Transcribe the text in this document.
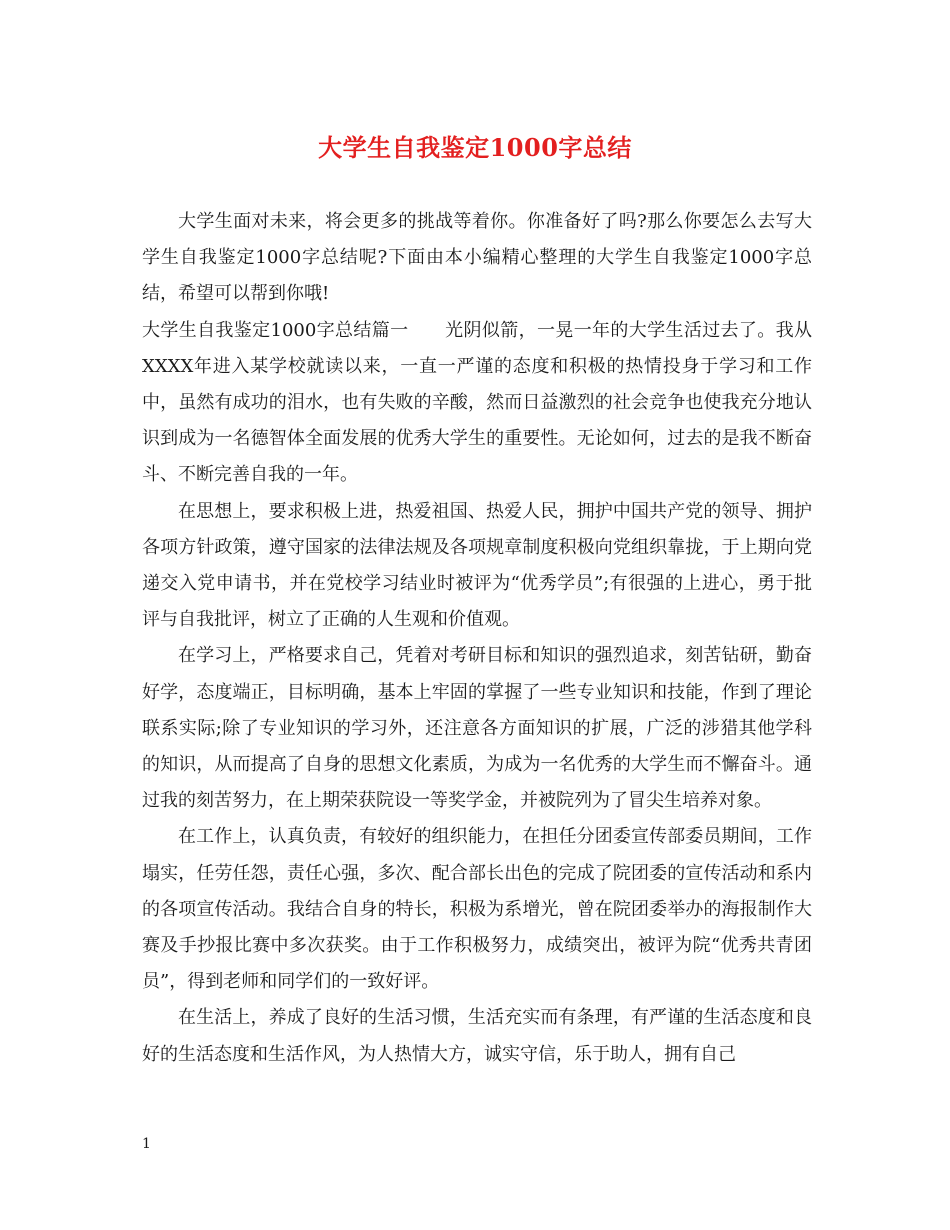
大学生自我鉴定1000字总结

大学生面对未来，将会更多的挑战等着你。你准备好了吗?那么你要怎么去写大学生自我鉴定1000字总结呢?下面由本小编精心整理的大学生自我鉴定1000字总结，希望可以帮到你哦!

大学生自我鉴定1000字总结篇一　　光阴似箭，一晃一年的大学生活过去了。我从XXXX年进入某学校就读以来，一直一严谨的态度和积极的热情投身于学习和工作中，虽然有成功的泪水，也有失败的辛酸，然而日益激烈的社会竞争也使我充分地认识到成为一名德智体全面发展的优秀大学生的重要性。无论如何，过去的是我不断奋斗、不断完善自我的一年。

在思想上，要求积极上进，热爱祖国、热爱人民，拥护中国共产党的领导、拥护各项方针政策，遵守国家的法律法规及各项规章制度积极向党组织靠拢，于上期向党递交入党申请书，并在党校学习结业时被评为“优秀学员”;有很强的上进心，勇于批评与自我批评，树立了正确的人生观和价值观。

在学习上，严格要求自己，凭着对考研目标和知识的强烈追求，刻苦钻研，勤奋好学，态度端正，目标明确，基本上牢固的掌握了一些专业知识和技能，作到了理论联系实际;除了专业知识的学习外，还注意各方面知识的扩展，广泛的涉猎其他学科的知识，从而提高了自身的思想文化素质，为成为一名优秀的大学生而不懈奋斗。通过我的刻苦努力，在上期荣获院设一等奖学金，并被院列为了冒尖生培养对象。

在工作上，认真负责，有较好的组织能力，在担任分团委宣传部委员期间，工作塌实，任劳任怨，责任心强，多次、配合部长出色的完成了院团委的宣传活动和系内的各项宣传活动。我结合自身的特长，积极为系增光，曾在院团委举办的海报制作大赛及手抄报比赛中多次获奖。由于工作积极努力，成绩突出，被评为院“优秀共青团员”，得到老师和同学们的一致好评。

在生活上，养成了良好的生活习惯，生活充实而有条理，有严谨的生活态度和良好的生活态度和生活作风，为人热情大方，诚实守信，乐于助人，拥有自己

1
